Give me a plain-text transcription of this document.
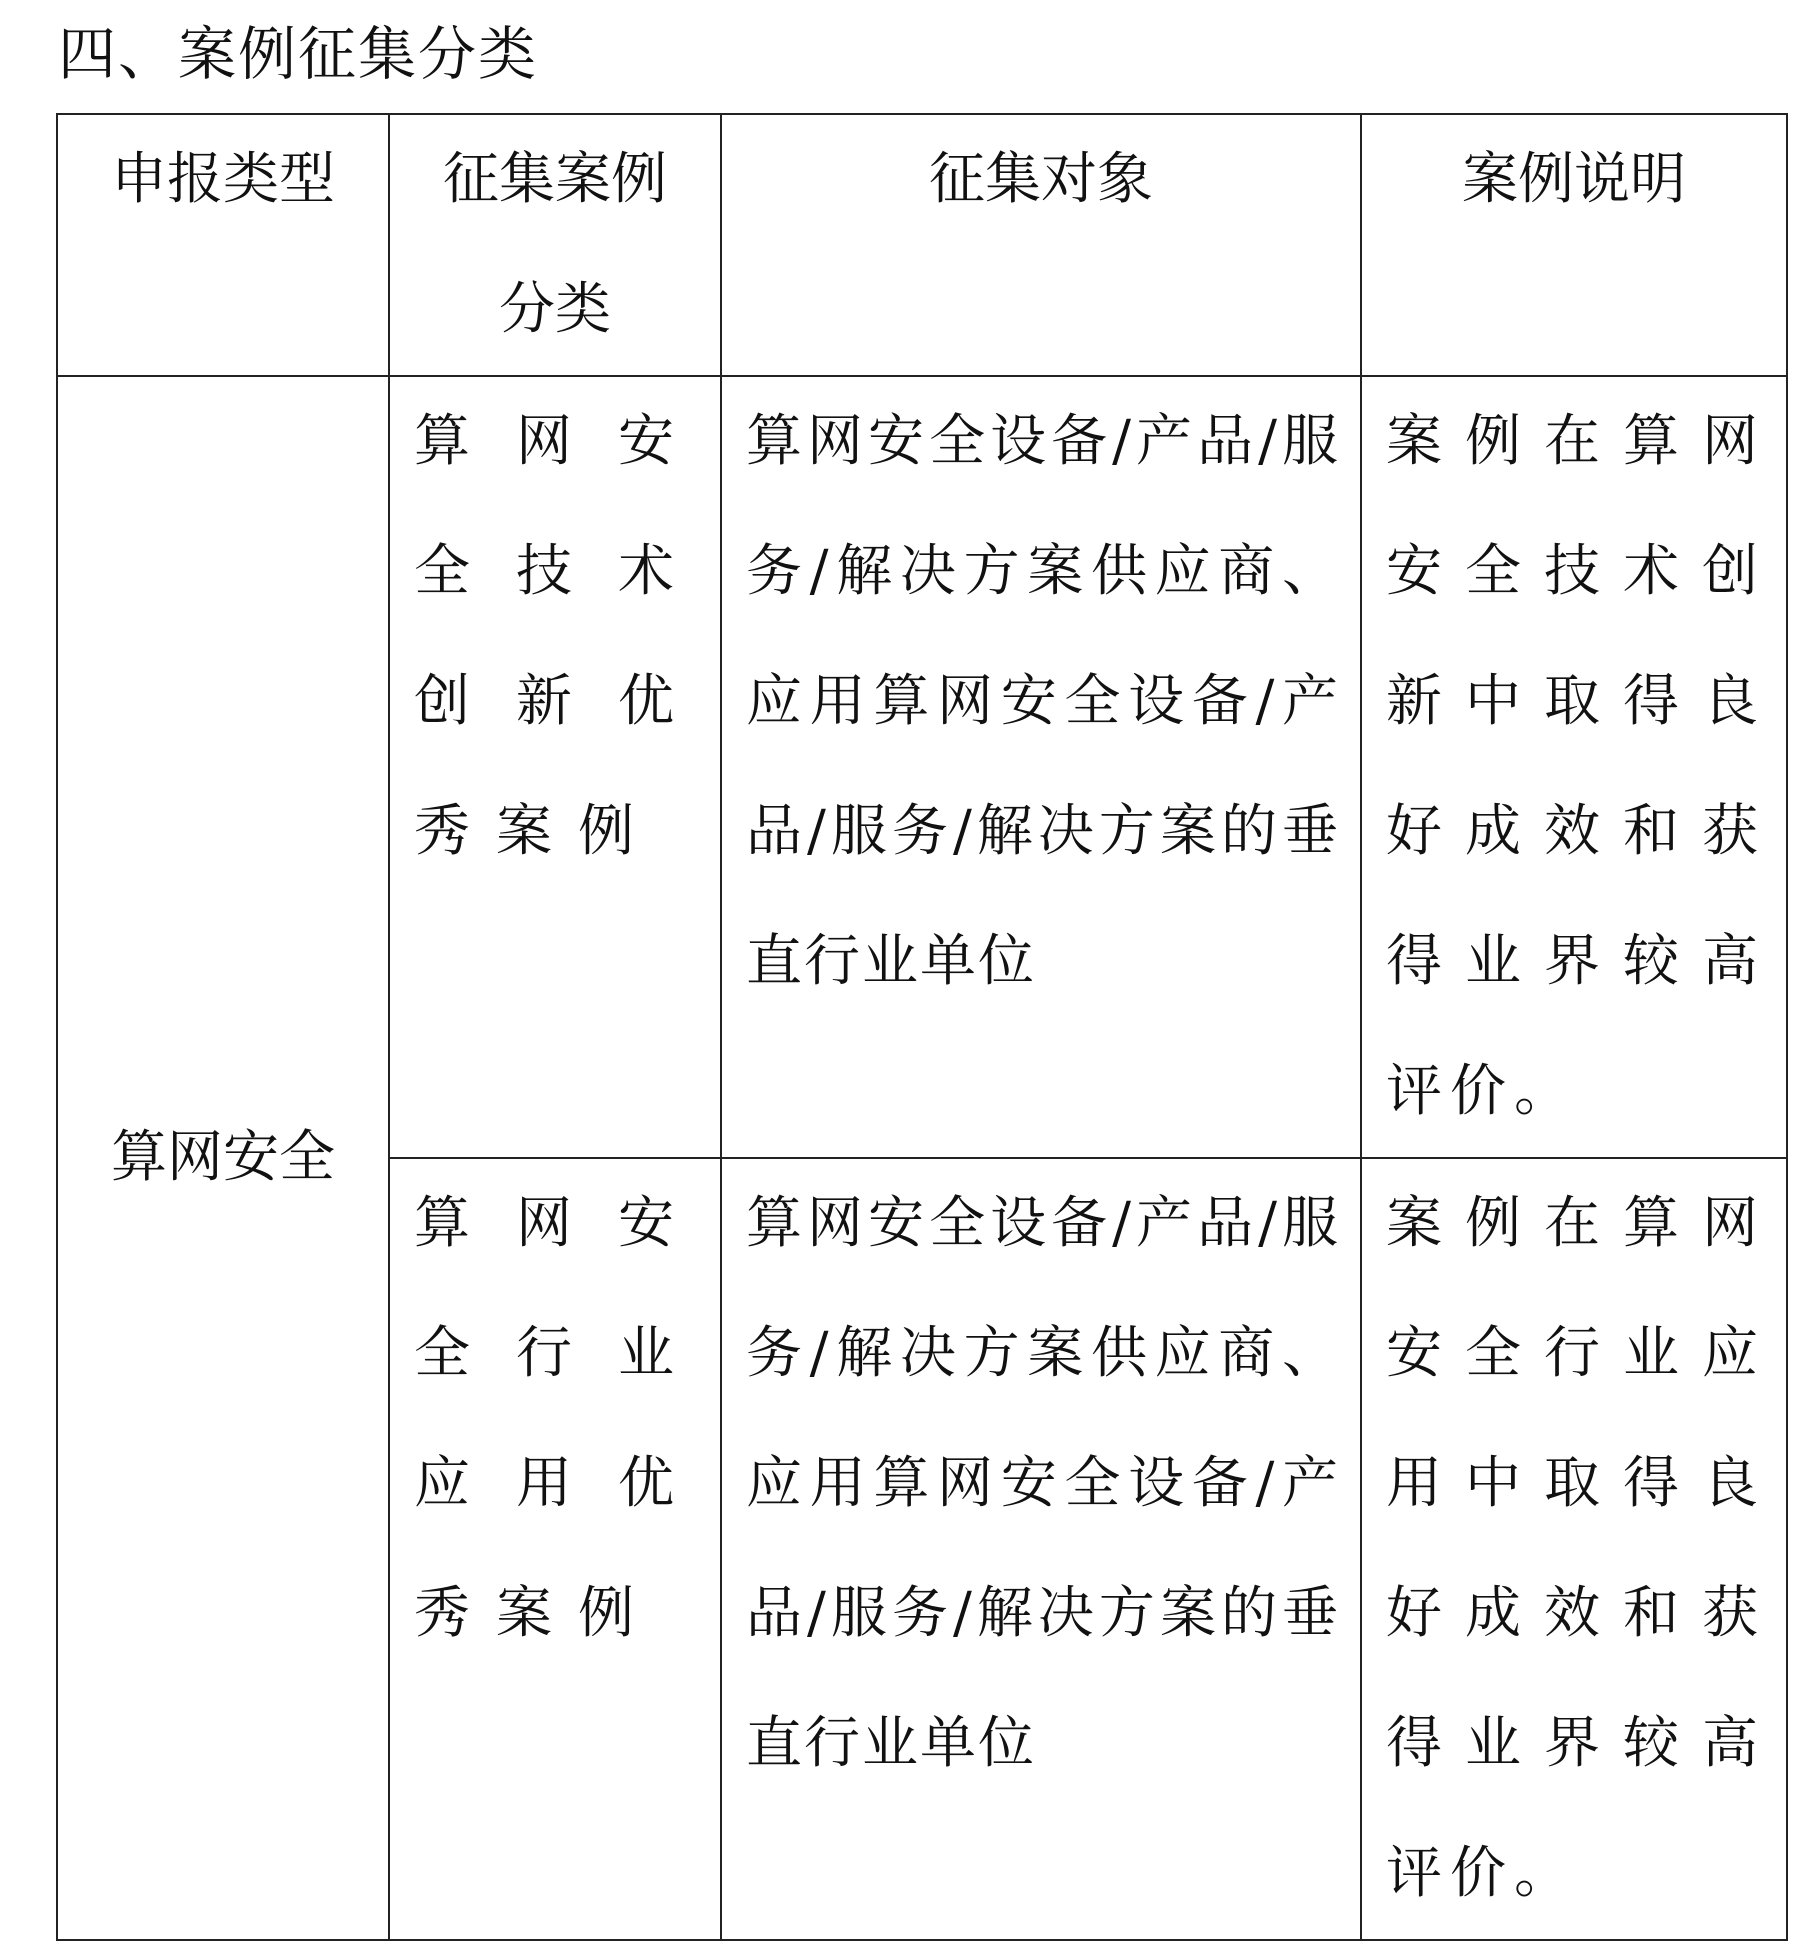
四、案例征集分类
申报类型	征集案例分类	征集对象	案例说明
算网安全	算网安全技术创新优秀案例	算网安全设备/产品/服务/解决方案供应商、应用算网安全设备/产品/服务/解决方案的垂直行业单位	案例在算网安全技术创新中取得良好成效和获得业界较高评价。
	算网安全行业应用优秀案例	算网安全设备/产品/服务/解决方案供应商、应用算网安全设备/产品/服务/解决方案的垂直行业单位	案例在算网安全行业应用中取得良好成效和获得业界较高评价。
